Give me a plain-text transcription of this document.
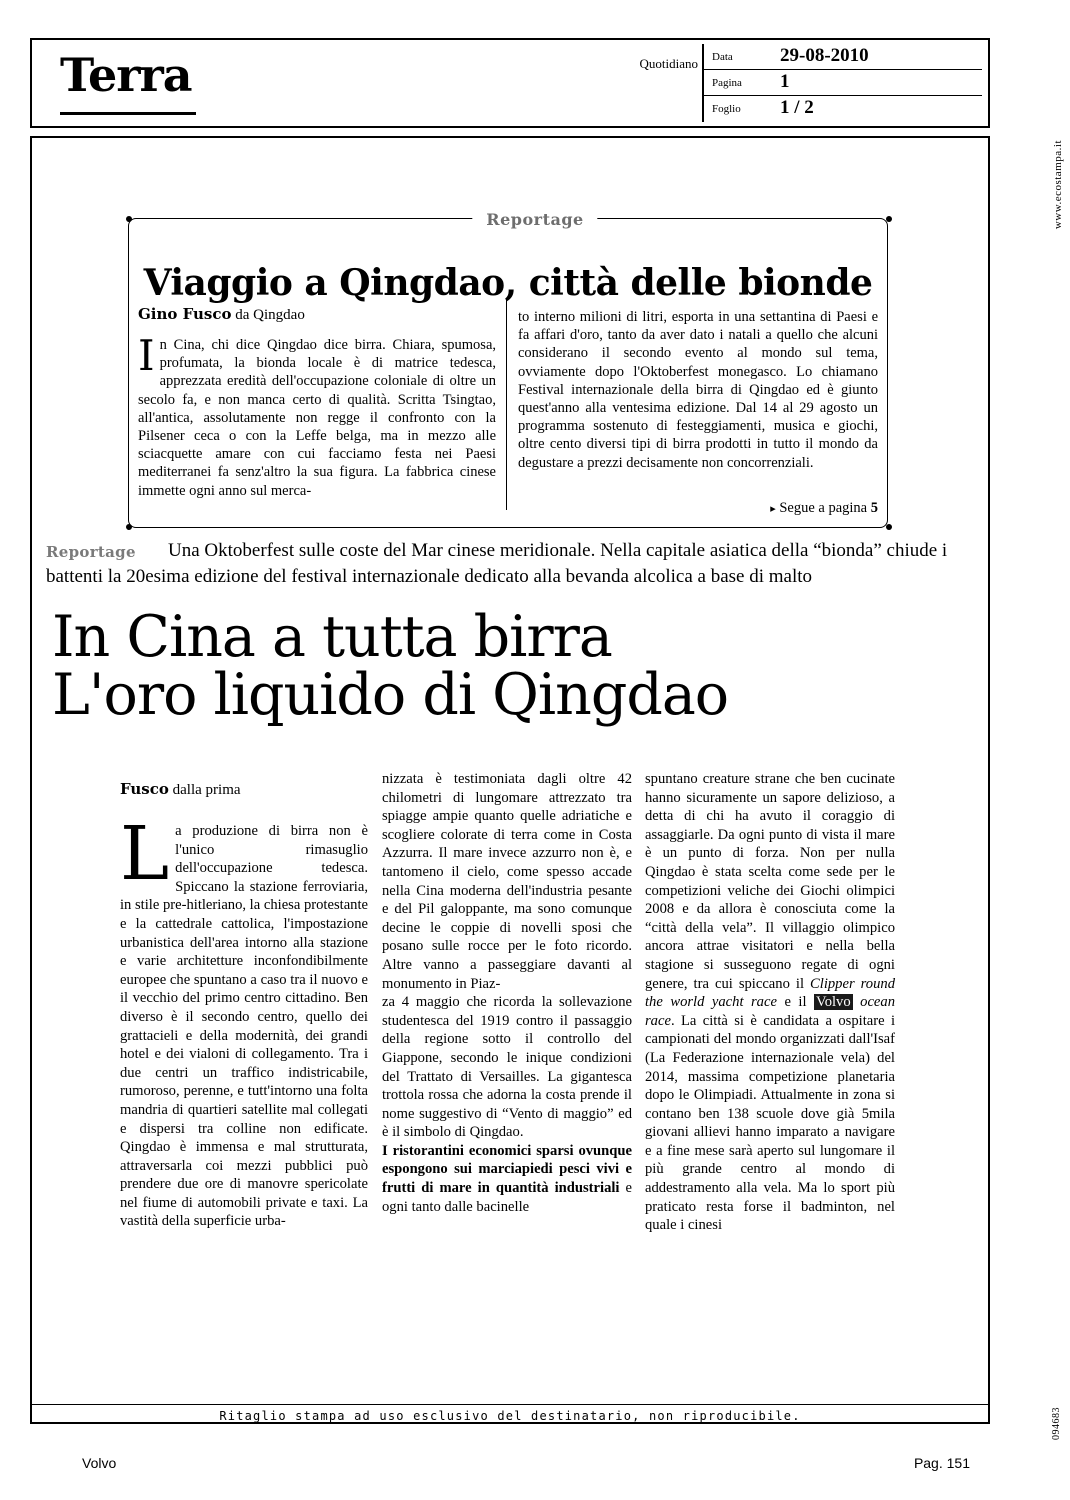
Terra	Quotidiano Data 29-08-2010
Pagina 1
Foglio 1 / 2
www.ecostampa.it
094683
Reportage
Viaggio a Qingdao, città delle bionde
Gino Fusco da Qingdao
In Cina, chi dice Qingdao dice birra. Chiara, spumosa, profumata, la bionda locale è di matrice tedesca, apprezzata eredità dell'occupazione coloniale di oltre un secolo fa, e non manca certo di qualità. Scritta Tsingtao, all'antica, assolutamente non regge il confronto con la Pilsener ceca o con la Leffe belga, ma in mezzo alle sciacquette amare con cui facciamo festa nei Paesi mediterranei fa senz'altro la sua figura. La fabbrica cinese immette ogni anno sul merca-
to interno milioni di litri, esporta in una settantina di Paesi e fa affari d'oro, tanto da aver dato i natali a quello che alcuni considerano il secondo evento al mondo sul tema, ovviamente dopo l'Oktoberfest monegasco. Lo chiamano Festival internazionale della birra di Qingdao ed è giunto quest'anno alla ventesima edizione. Dal 14 al 29 agosto un programma sostenuto di festeggiamenti, musica e giochi, oltre cento diversi tipi di birra prodotti in tutto il mondo da degustare a prezzi decisamente non concorrenziali.
▸ Segue a pagina 5
Una Oktoberfest sulle coste del Mar cinese meridionale. Nella capitale asiatica della “bionda” chiude i battenti la 20esima edizione del festival internazionale dedicato alla bevanda alcolica a base di malto
Reportage
In Cina a tutta birra
L'oro liquido di Qingdao
Fusco dalla prima
La produzione di birra non è l'unico rimasuglio dell'occupazione tedesca. Spiccano la stazione ferroviaria, in stile pre-hitleriano, la chiesa protestante e la cattedrale cattolica, l'impostazione urbanistica dell'area intorno alla stazione e varie architetture inconfondibilmente europee che spuntano a caso tra il nuovo e il vecchio del primo centro cittadino. Ben diverso è il secondo centro, quello dei grattacieli e della modernità, dei grandi hotel e dei vialoni di collegamento. Tra i due centri un traffico indistricabile, rumoroso, perenne, e tutt'intorno una folta mandria di quartieri satellite mal collegati e dispersi tra colline non edificate. Qingdao è immensa e mal strutturata, attraversarla coi mezzi pubblici può prendere due ore di manovre spericolate nel fiume di automobili private e taxi. La vastità della superficie urba-

nizzata è testimoniata dagli oltre 42 chilometri di lungomare attrezzato tra spiagge ampie quanto quelle adriatiche e scogliere colorate di terra come in Costa Azzurra. Il mare invece azzurro non è, e tantomeno il cielo, come spesso accade nella Cina moderna dell'industria pesante e del Pil galoppante, ma sono comunque decine le coppie di novelli sposi che posano sulle rocce per le foto ricordo. Altre vanno a passeggiare davanti al monumento in Piaz-

za 4 maggio che ricorda la sollevazione studentesca del 1919 contro il passaggio della regione sotto il controllo del Giappone, secondo le inique condizioni del Trattato di Versailles. La gigantesca trottola rossa che adorna la costa prende il nome suggestivo di “Vento di maggio” ed è il simbolo di Qingdao.

I ristorantini economici sparsi ovunque espongono sui marciapiedi pesci vivi e frutti di mare in quantità industriali e ogni tanto dalle bacinelle

spuntano creature strane che ben cucinate hanno sicuramente un sapore delizioso, a detta di chi ha avuto il coraggio di assaggiarle. Da ogni punto di vista il mare è un punto di forza. Non per nulla Qingdao è stata scelta come sede per le competizioni veliche dei Giochi olimpici 2008 e da allora è conosciuta come la “città della vela”. Il villaggio olimpico ancora attrae visitatori e nella bella stagione si susseguono regate di ogni genere, tra cui spiccano il Clipper round the world yacht race e il Volvo ocean race. La città si è candidata a ospitare i campionati del mondo organizzati dall'Isaf (La Federazione internazionale vela) del 2014, massima competizione planetaria dopo le Olimpiadi. Attualmente in zona si contano ben 138 scuole dove già 5mila giovani allievi hanno imparato a navigare e a fine mese sarà aperto sul lungomare il più grande centro al mondo di addestramento alla vela. Ma lo sport più praticato resta forse il badminton, nel quale i cinesi
Ritaglio stampa ad uso esclusivo del destinatario, non riproducibile.
Volvo	Pag. 151
